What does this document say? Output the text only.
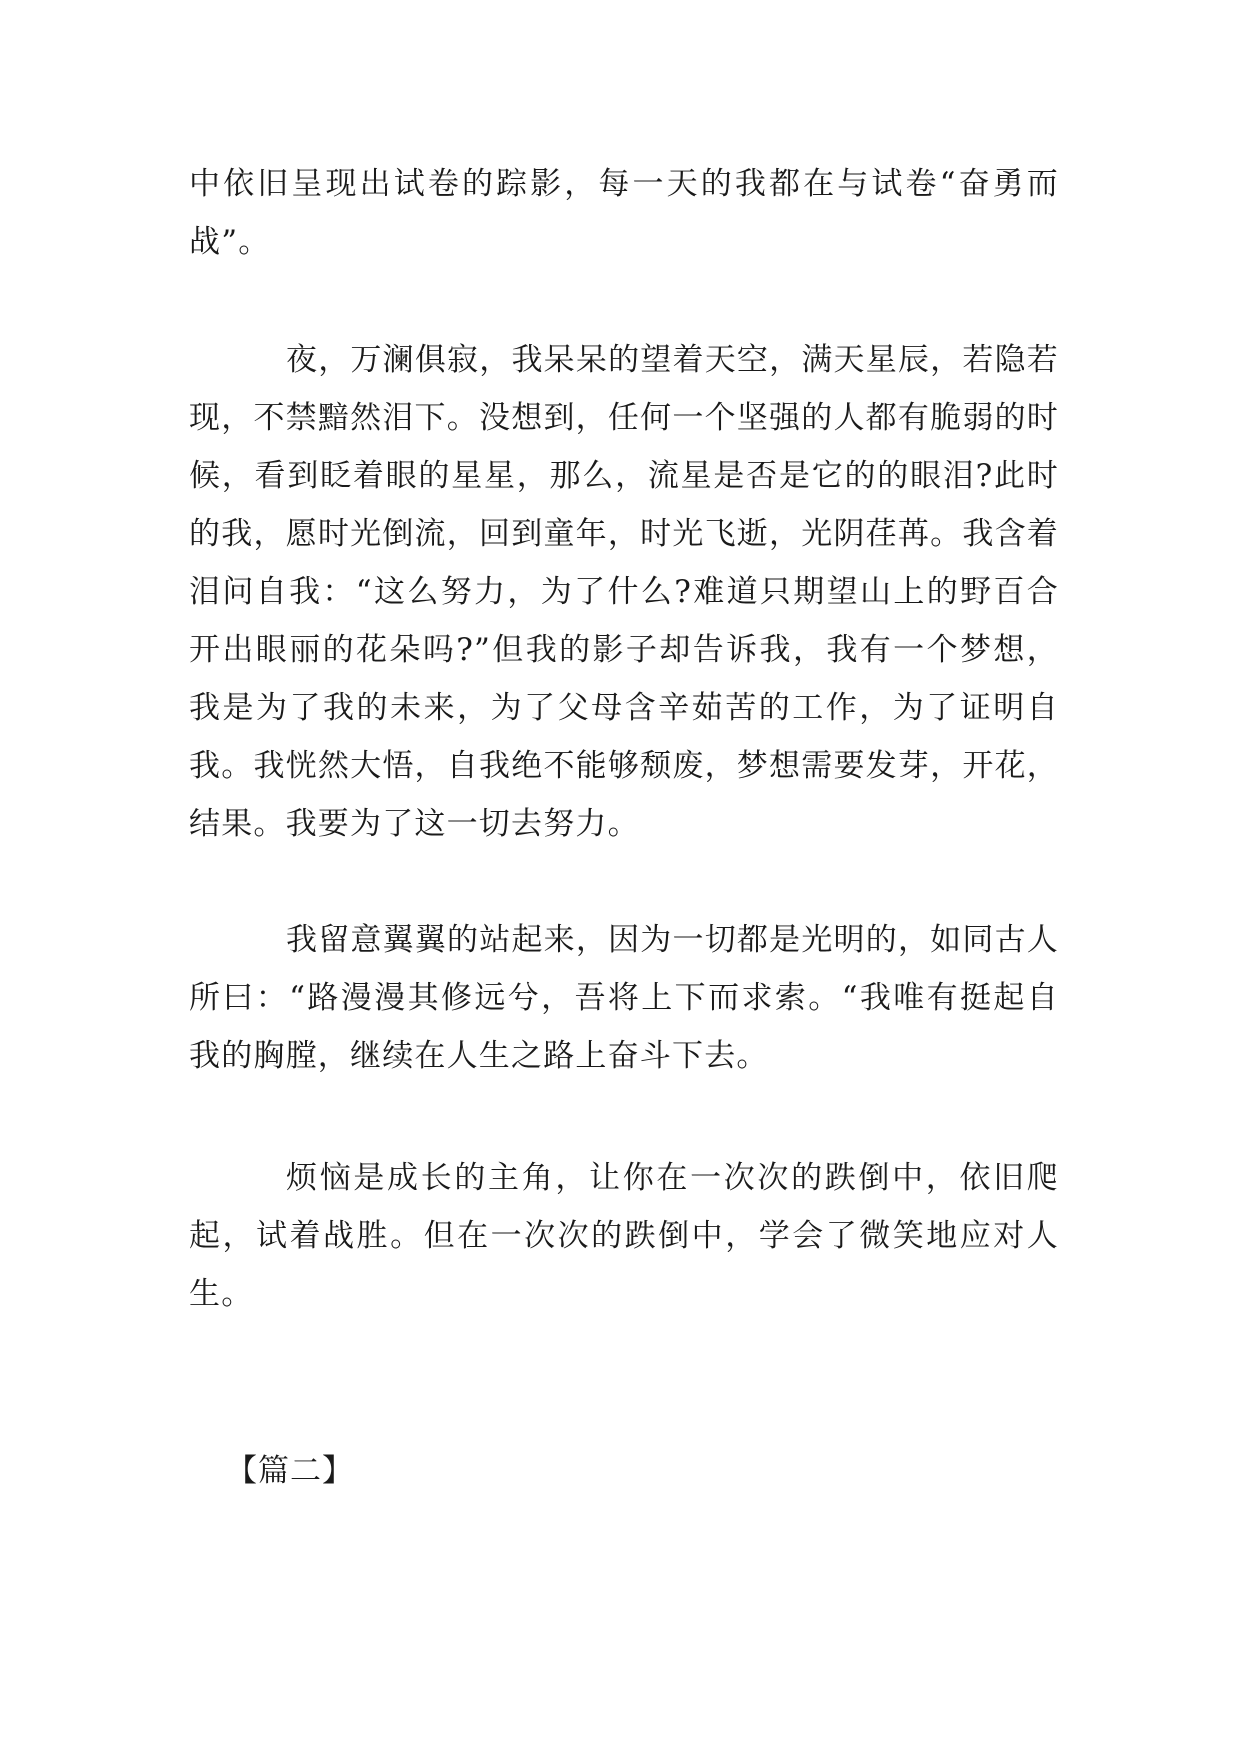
中依旧呈现出试卷的踪影，每一天的我都在与试卷“奋勇而战”。

夜，万澜俱寂，我呆呆的望着天空，满天星辰，若隐若现，不禁黯然泪下。没想到，任何一个坚强的人都有脆弱的时候，看到眨着眼的星星，那么，流星是否是它的的眼泪?此时的我，愿时光倒流，回到童年，时光飞逝，光阴荏苒。我含着泪问自我：“这么努力，为了什么?难道只期望山上的野百合开出眼丽的花朵吗?”但我的影子却告诉我，我有一个梦想，我是为了我的未来，为了父母含辛茹苦的工作，为了证明自我。我恍然大悟，自我绝不能够颓废，梦想需要发芽，开花，结果。我要为了这一切去努力。

我留意翼翼的站起来，因为一切都是光明的，如同古人所曰：“路漫漫其修远兮，吾将上下而求索。“我唯有挺起自我的胸膛，继续在人生之路上奋斗下去。

烦恼是成长的主角，让你在一次次的跌倒中，依旧爬起，试着战胜。但在一次次的跌倒中，学会了微笑地应对人生。

【篇二】
